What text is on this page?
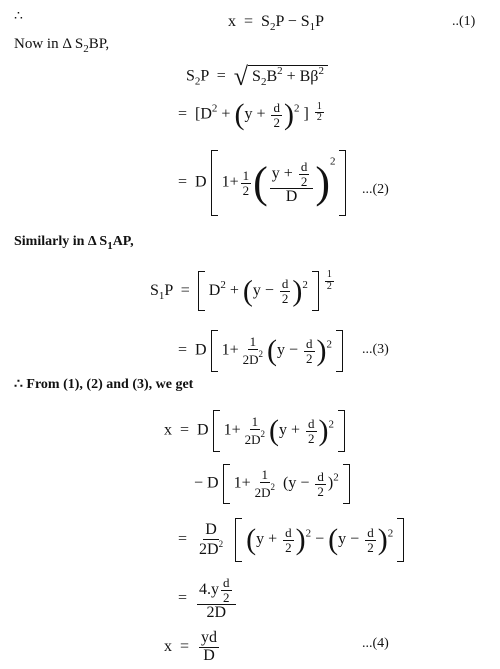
∴	$x = S_2P - S_1P$	..(1)
Now in Δ $S_2BP$,
$S_2P$ = √ $S_2B^2 + B\beta^2$
= [$D^2 + (y + \frac{d}{2} )^2$ ] $\frac{1}{2}$
= D $1+ \frac{1}{2}$ ( $\frac{y + \frac{d}{2}}{D} )^2$
...(2)
Similarly in Δ $S_1AP$,
$S_1P = D^2 + (y - \frac{d}{2} )^2 \frac{1}{2}$
= D $1+ \frac{1}{2D^2} (y - \frac{d}{2} )^2$	...(3)
∴ From (1), (2) and (3), we get
x = D $1+ \frac{1}{2D^2} (y + \frac{d}{2} )^2$
− D $1+ \frac{1}{2D^2} (y - \frac{d}{2} )^2$
= $\frac{D}{2D^2} (y + \frac{d}{2} )^2 - (y - \frac{d}{2} )^2$
= $\frac{4.y \frac{d}{2}}{2D}$
$x = \frac{yd}{D}$	...(4)
